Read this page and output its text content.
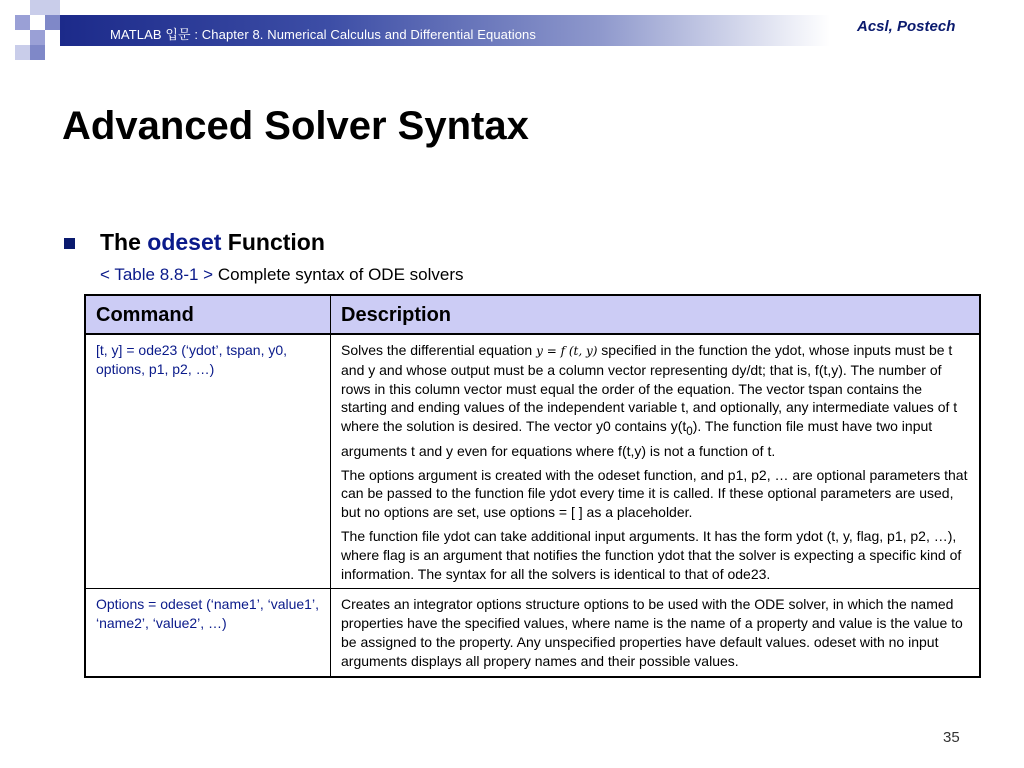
MATLAB 입문 : Chapter 8. Numerical Calculus and Differential Equations	Acsl, Postech
Advanced Solver Syntax
The odeset Function
< Table 8.8-1 > Complete syntax of ODE solvers
Command	Description
[t, y] = ode23 (‘ydot’, tspan, y0, options, p1, p2, …)	Solves the differential equation y = f (t, y) specified in the function the ydot, whose inputs must be t and y and whose output must be a column vector representing dy/dt; that is, f(t,y). The number of rows in this column vector must equal the order of the equation. The vector tspan contains the starting and ending values of the independent variable t, and optionally, any intermediate values of t where the solution is desired. The vector y0 contains $y(t_0)$. The function file must have two input arguments t and y even for equations where f(t,y) is not a function of t.

The options argument is created with the odeset function, and p1, p2, … are optional parameters that can be passed to the function file ydot every time it is called. If these optional parameters are used, but no options are set, use options = [ ] as a placeholder.

The function file ydot can take additional input arguments. It has the form ydot (t, y, flag, p1, p2, …), where flag is an argument that notifies the function ydot that the solver is expecting a specific kind of information. The syntax for all the solvers is identical to that of ode23.

Options = odeset (‘name1’, ‘value1’, ‘name2’, ‘value2’, …)	Creates an integrator options structure options to be used with the ODE solver, in which the named properties have the specified values, where name is the name of a property and value is the value to be assigned to the property. Any unspecified properties have default values. odeset with no input arguments displays all propery names and their possible values.
35
